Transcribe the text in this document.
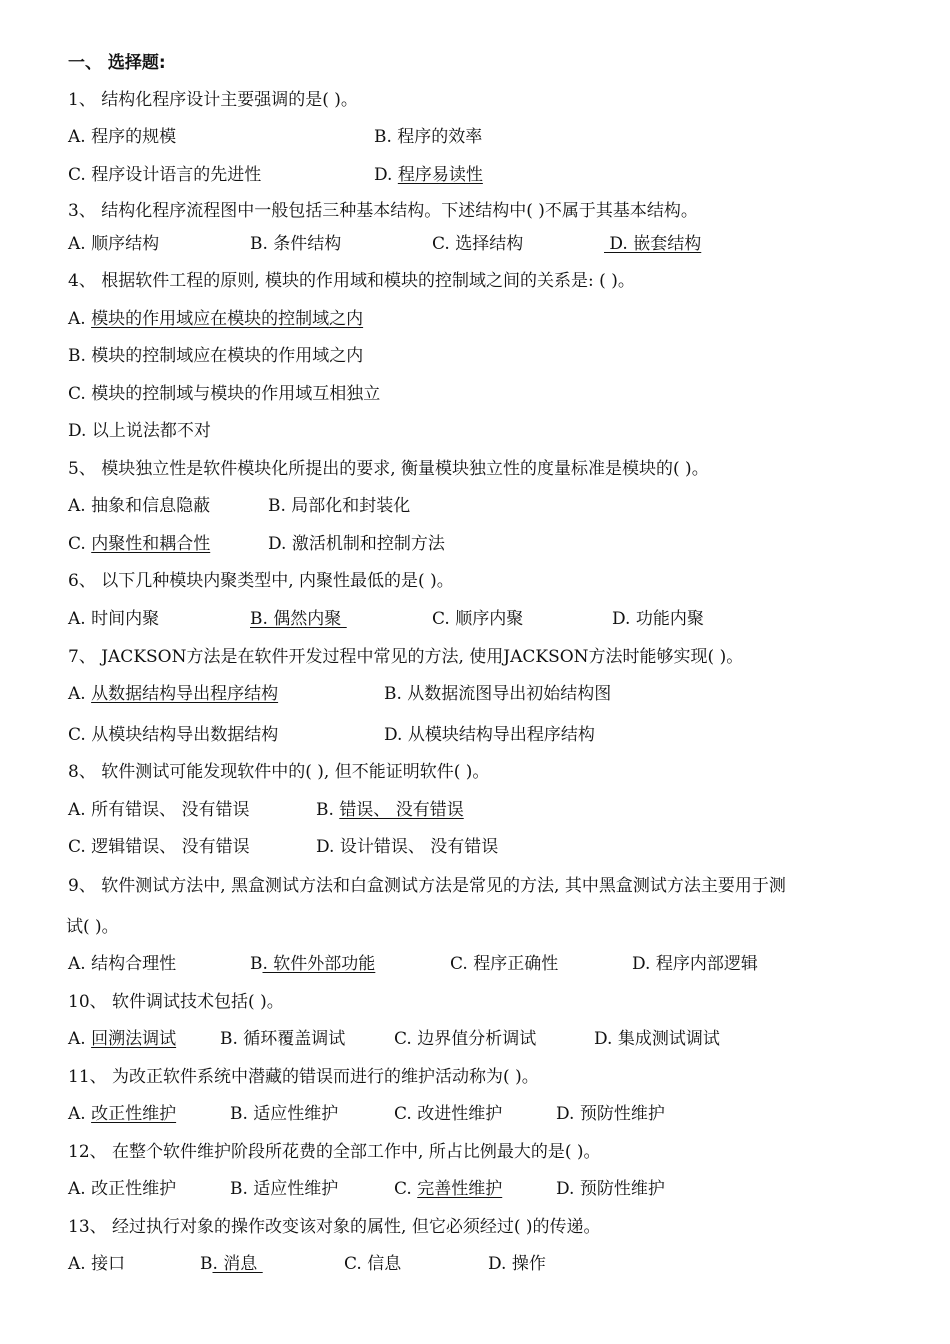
一、 选择题:
1、 结构化程序设计主要强调的是( )。
A. 程序的规模	B. 程序的效率
C. 程序设计语言的先进性	D. 程序易读性
3、 结构化程序流程图中一般包括三种基本结构。下述结构中( )不属于其基本结构。
A. 顺序结构	B. 条件结构	C. 选择结构	D. 嵌套结构
4、 根据软件工程的原则, 模块的作用域和模块的控制域之间的关系是: ( )。
A. 模块的作用域应在模块的控制域之内
B. 模块的控制域应在模块的作用域之内
C. 模块的控制域与模块的作用域互相独立
D. 以上说法都不对
5、 模块独立性是软件模块化所提出的要求, 衡量模块独立性的度量标准是模块的( )。
A. 抽象和信息隐蔽	B. 局部化和封装化
C. 内聚性和耦合性	D. 激活机制和控制方法
6、 以下几种模块内聚类型中, 内聚性最低的是( )。
A. 时间内聚	B. 偶然内聚	C. 顺序内聚	D. 功能内聚
7、 JACKSON方法是在软件开发过程中常见的方法, 使用JACKSON方法时能够实现( )。
A. 从数据结构导出程序结构	B. 从数据流图导出初始结构图
C. 从模块结构导出数据结构	D. 从模块结构导出程序结构
8、 软件测试可能发现软件中的( ), 但不能证明软件( )。
A. 所有错误、 没有错误	B. 错误、 没有错误
C. 逻辑错误、 没有错误	D. 设计错误、 没有错误
9、 软件测试方法中, 黑盒测试方法和白盒测试方法是常见的方法, 其中黑盒测试方法主要用于测
试( )。
A. 结构合理性	B. 软件外部功能	C. 程序正确性	D. 程序内部逻辑
10、 软件调试技术包括( )。
A. 回溯法调试	B. 循环覆盖调试	C. 边界值分析调试	D. 集成测试调试
11、 为改正软件系统中潜藏的错误而进行的维护活动称为( )。
A. 改正性维护	B. 适应性维护	C. 改进性维护	D. 预防性维护
12、 在整个软件维护阶段所花费的全部工作中, 所占比例最大的是( )。
A. 改正性维护	B. 适应性维护	C. 完善性维护	D. 预防性维护
13、 经过执行对象的操作改变该对象的属性, 但它必须经过( )的传递。
A. 接口	B. 消息	C. 信息	D. 操作
